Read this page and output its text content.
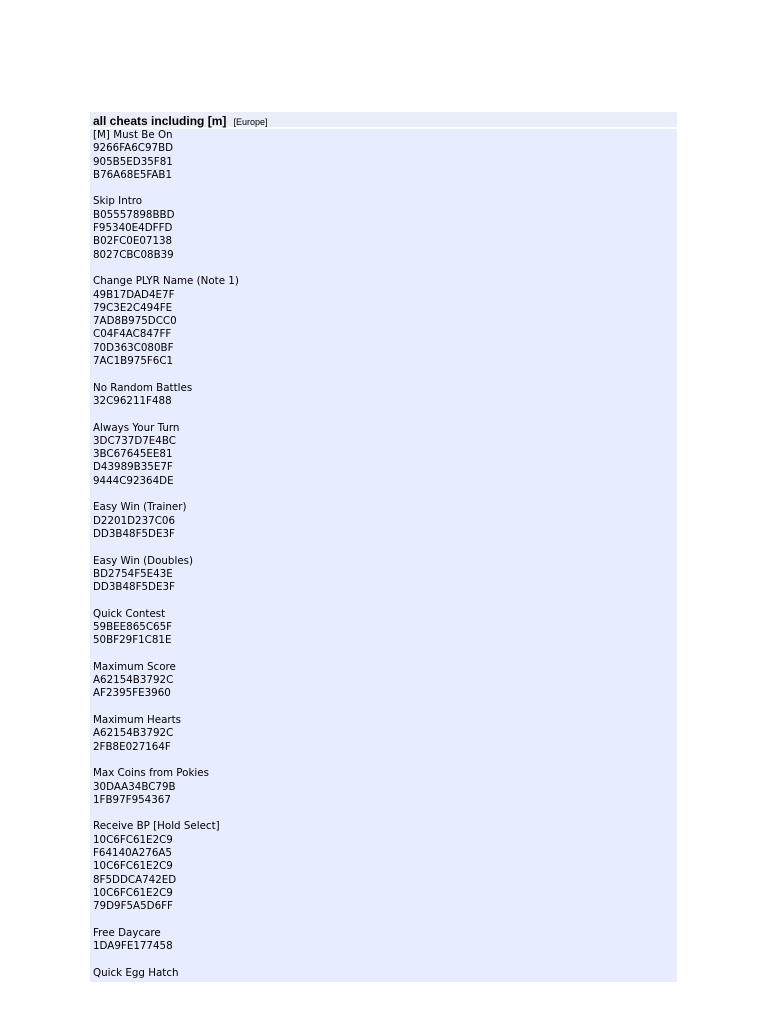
all cheats including [m] [Europe]
[M] Must Be On
9266FA6C97BD
905B5ED35F81
B76A68E5FAB1
Skip Intro
B05557898BBD
F95340E4DFFD
B02FC0E07138
8027CBC08B39
Change PLYR Name (Note 1)
49B17DAD4E7F
79C3E2C494FE
7AD8B975DCC0
C04F4AC847FF
70D363C080BF
7AC1B975F6C1
No Random Battles
32C96211F488
Always Your Turn
3DC737D7E4BC
3BC67645EE81
D43989B35E7F
9444C92364DE
Easy Win (Trainer)
D2201D237C06
DD3B48F5DE3F
Easy Win (Doubles)
BD2754F5E43E
DD3B48F5DE3F
Quick Contest
59BEE865C65F
50BF29F1C81E
Maximum Score
A62154B3792C
AF2395FE3960
Maximum Hearts
A62154B3792C
2FB8E027164F
Max Coins from Pokies
30DAA34BC79B
1FB97F954367
Receive BP [Hold Select]
10C6FC61E2C9
F64140A276A5
10C6FC61E2C9
8F5DDCA742ED
10C6FC61E2C9
79D9F5A5D6FF
Free Daycare
1DA9FE177458
Quick Egg Hatch
